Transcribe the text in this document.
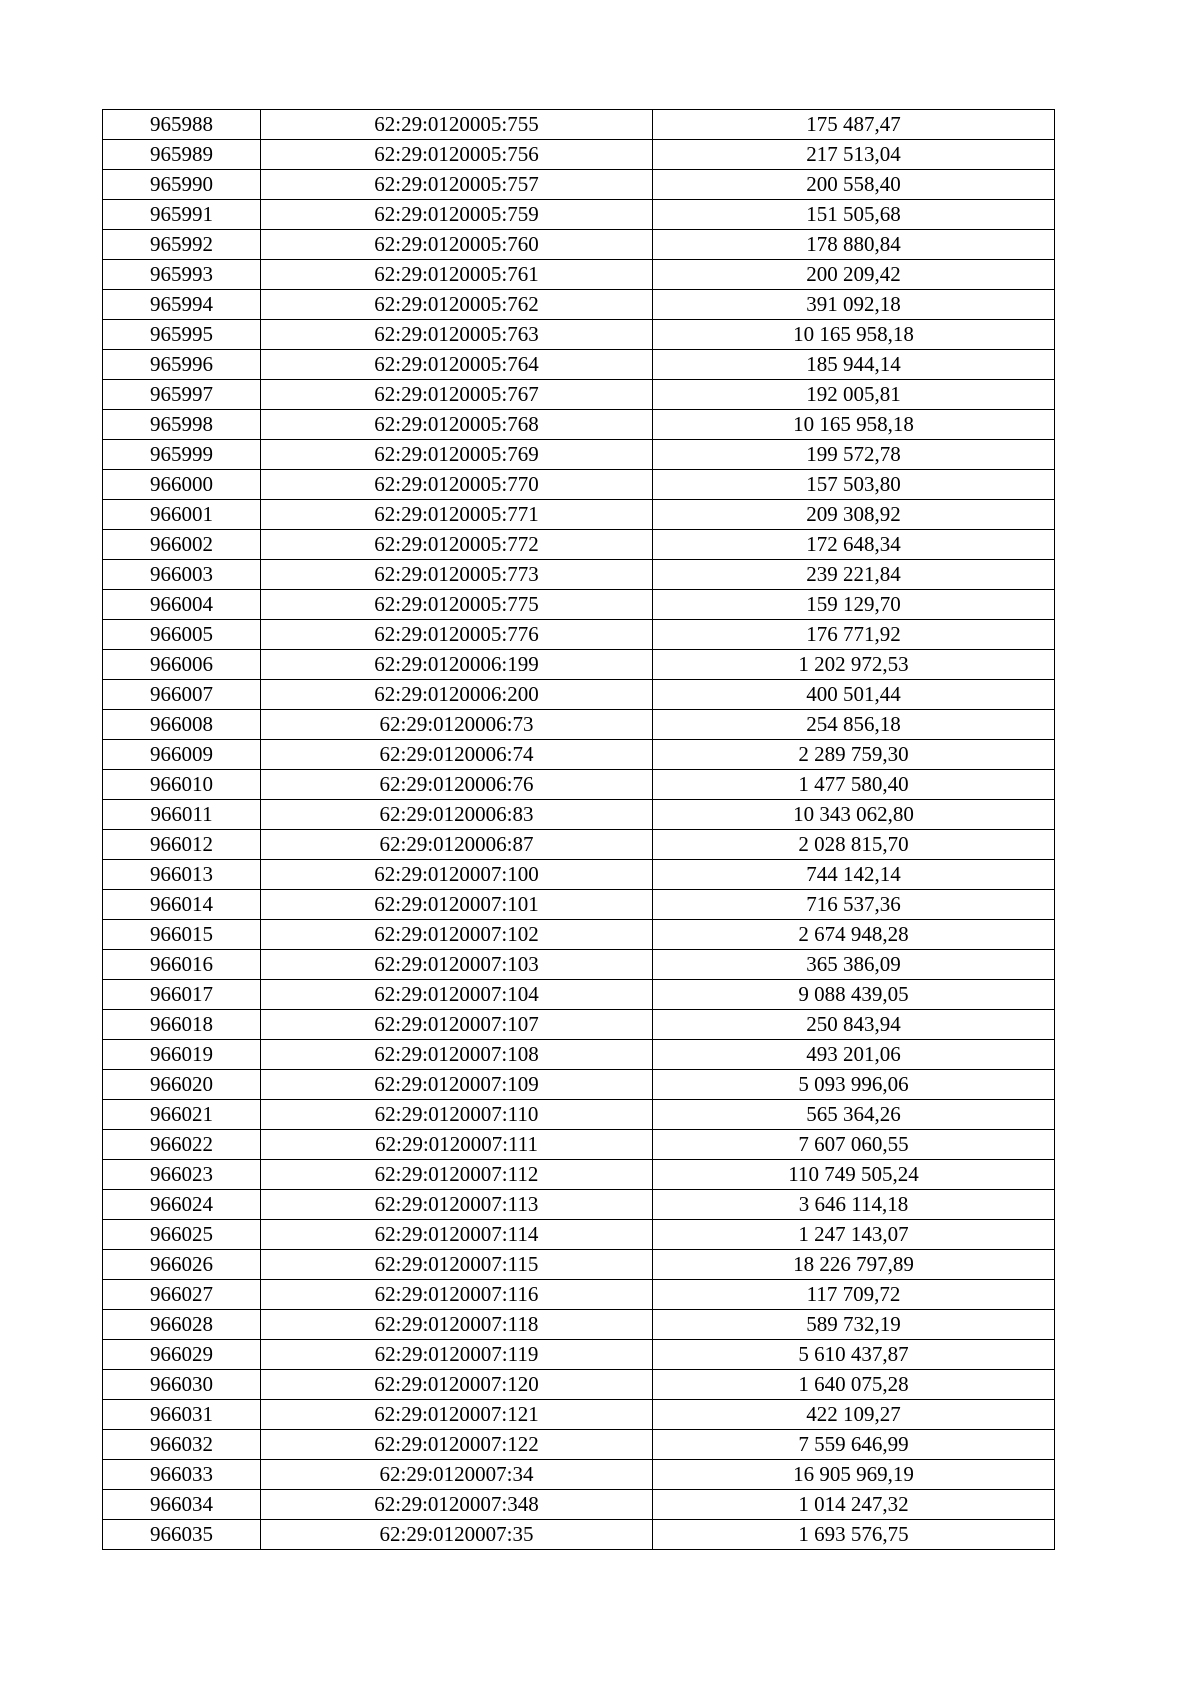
965988	62:29:0120005:755	175 487,47
965989	62:29:0120005:756	217 513,04
965990	62:29:0120005:757	200 558,40
965991	62:29:0120005:759	151 505,68
965992	62:29:0120005:760	178 880,84
965993	62:29:0120005:761	200 209,42
965994	62:29:0120005:762	391 092,18
965995	62:29:0120005:763	10 165 958,18
965996	62:29:0120005:764	185 944,14
965997	62:29:0120005:767	192 005,81
965998	62:29:0120005:768	10 165 958,18
965999	62:29:0120005:769	199 572,78
966000	62:29:0120005:770	157 503,80
966001	62:29:0120005:771	209 308,92
966002	62:29:0120005:772	172 648,34
966003	62:29:0120005:773	239 221,84
966004	62:29:0120005:775	159 129,70
966005	62:29:0120005:776	176 771,92
966006	62:29:0120006:199	1 202 972,53
966007	62:29:0120006:200	400 501,44
966008	62:29:0120006:73	254 856,18
966009	62:29:0120006:74	2 289 759,30
966010	62:29:0120006:76	1 477 580,40
966011	62:29:0120006:83	10 343 062,80
966012	62:29:0120006:87	2 028 815,70
966013	62:29:0120007:100	744 142,14
966014	62:29:0120007:101	716 537,36
966015	62:29:0120007:102	2 674 948,28
966016	62:29:0120007:103	365 386,09
966017	62:29:0120007:104	9 088 439,05
966018	62:29:0120007:107	250 843,94
966019	62:29:0120007:108	493 201,06
966020	62:29:0120007:109	5 093 996,06
966021	62:29:0120007:110	565 364,26
966022	62:29:0120007:111	7 607 060,55
966023	62:29:0120007:112	110 749 505,24
966024	62:29:0120007:113	3 646 114,18
966025	62:29:0120007:114	1 247 143,07
966026	62:29:0120007:115	18 226 797,89
966027	62:29:0120007:116	117 709,72
966028	62:29:0120007:118	589 732,19
966029	62:29:0120007:119	5 610 437,87
966030	62:29:0120007:120	1 640 075,28
966031	62:29:0120007:121	422 109,27
966032	62:29:0120007:122	7 559 646,99
966033	62:29:0120007:34	16 905 969,19
966034	62:29:0120007:348	1 014 247,32
966035	62:29:0120007:35	1 693 576,75
